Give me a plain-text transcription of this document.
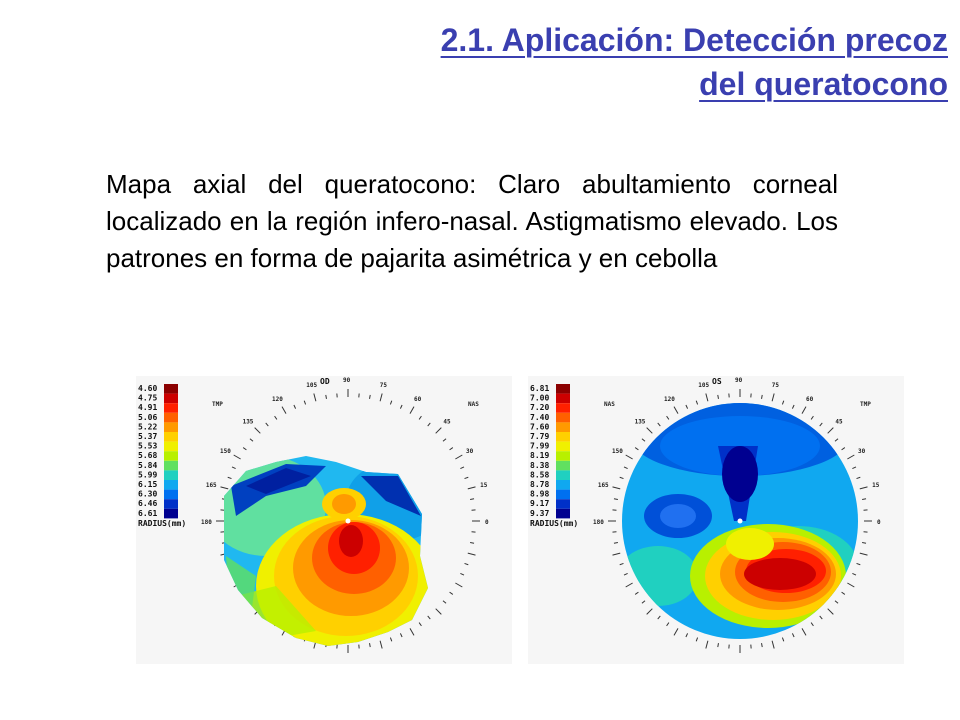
2.1. Aplicación: Detección precoz
del queratocono
Mapa axial del queratocono: Claro abultamiento corneal localizado en la región infero-nasal. Astigmatismo elevado. Los patrones en forma de pajarita asimétrica y en cebolla
4.60
4.75
4.91
5.06
5.22
5.37
5.53
5.68
5.84
5.99
6.15
6.30
6.46
6.61
RADIUS(mm)
OD
TMP	NAS
90
75
60
45
30
15
0
105
120
135
150
165
180
6.81
7.00
7.20
7.40
7.60
7.79
7.99
8.19
8.38
8.58
8.78
8.98
9.17
9.37
RADIUS(mm)
OS
NAS	TMP
90
75
60
45
30
15
0
105
120
135
150
165
180
